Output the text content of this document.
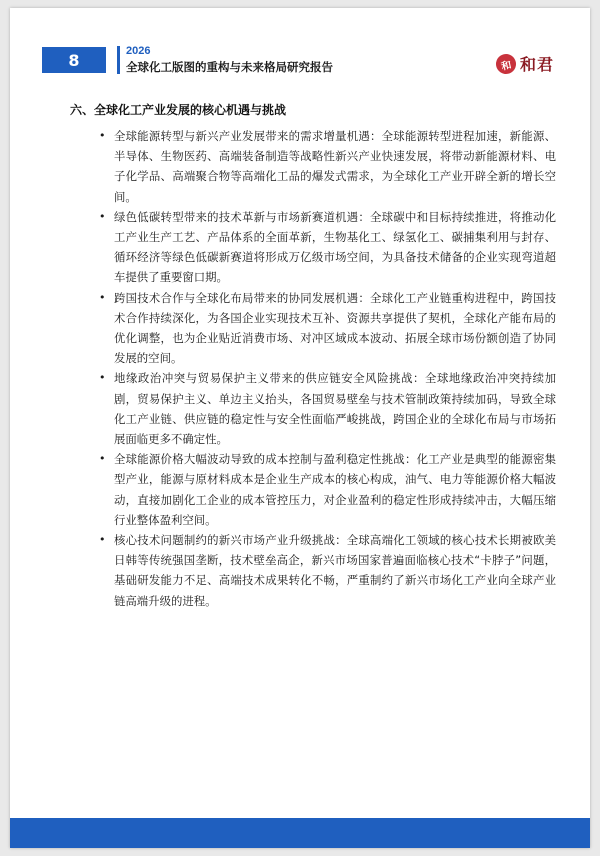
8	2026
全球化工版图的重构与未来格局研究报告	和 和君
六、全球化工产业发展的核心机遇与挑战
• 全球能源转型与新兴产业发展带来的需求增量机遇：全球能源转型进程加速，新能源、半导体、生物医药、高端装备制造等战略性新兴产业快速发展，将带动新能源材料、电子化学品、高端聚合物等高端化工品的爆发式需求，为全球化工产业开辟全新的增长空间。
• 绿色低碳转型带来的技术革新与市场新赛道机遇：全球碳中和目标持续推进，将推动化工产业生产工艺、产品体系的全面革新，生物基化工、绿氢化工、碳捕集利用与封存、循环经济等绿色低碳新赛道将形成万亿级市场空间，为具备技术储备的企业实现弯道超车提供了重要窗口期。
• 跨国技术合作与全球化布局带来的协同发展机遇：全球化工产业链重构进程中，跨国技术合作持续深化，为各国企业实现技术互补、资源共享提供了契机，全球化产能布局的优化调整，也为企业贴近消费市场、对冲区域成本波动、拓展全球市场份额创造了协同发展的空间。
• 地缘政治冲突与贸易保护主义带来的供应链安全风险挑战：全球地缘政治冲突持续加剧，贸易保护主义、单边主义抬头，各国贸易壁垒与技术管制政策持续加码，导致全球化工产业链、供应链的稳定性与安全性面临严峻挑战，跨国企业的全球化布局与市场拓展面临更多不确定性。
• 全球能源价格大幅波动导致的成本控制与盈利稳定性挑战：化工产业是典型的能源密集型产业，能源与原材料成本是企业生产成本的核心构成，油气、电力等能源价格大幅波动，直接加剧化工企业的成本管控压力，对企业盈利的稳定性形成持续冲击，大幅压缩行业整体盈利空间。
• 核心技术问题制约的新兴市场产业升级挑战：全球高端化工领域的核心技术长期被欧美日韩等传统强国垄断，技术壁垒高企，新兴市场国家普遍面临核心技术“卡脖子”问题，基础研发能力不足、高端技术成果转化不畅，严重制约了新兴市场化工产业向全球产业链高端升级的进程。
